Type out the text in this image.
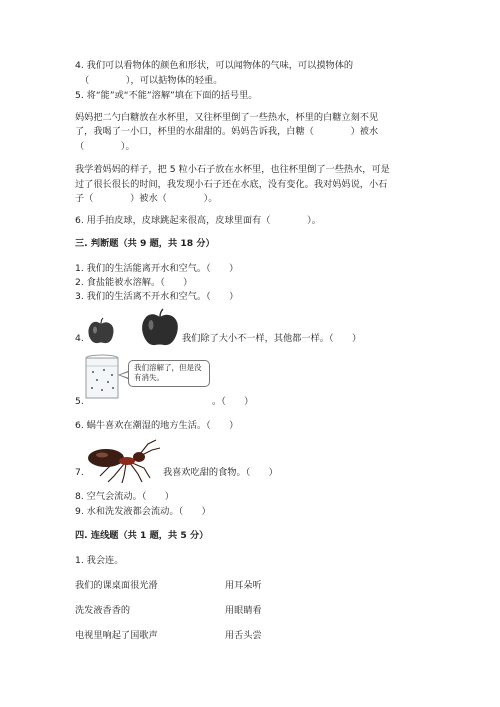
4. 我们可以看物体的颜色和形状，可以闻物体的气味，可以摸物体的
（　　　　），可以掂物体的轻重。
5. 将“能”或“不能”溶解”填在下面的括号里。
妈妈把二勺白糖放在水杯里，又往杯里倒了一些热水，杯里的白糖立刻不见
了，我喝了一小口，杯里的水甜甜的。妈妈告诉我，白糖（　　　　）被水
（　　　　）。
我学着妈妈的样子，把 5 粒小石子放在水杯里，也往杯里倒了一些热水，可是
过了很长很长的时间，我发现小石子还在水底，没有变化。我对妈妈说，小石
子（　　　　）被水（　　　　）。
6. 用手拍皮球，皮球跳起来很高，皮球里面有（　　　　）。
三. 判断题（共 9 题，共 18 分）
1. 我们的生活能离开水和空气。（　　）
2. 食盐能被水溶解。（　　）
3. 我们的生活离不开水和空气。（　　）
4.	我们除了大小不一样，其他都一样。（　　）
我们溶解了，但是没有消失。
5.	。（　　）
6. 蜗牛喜欢在潮湿的地方生活。（　　）
7.	我喜欢吃甜的食物。（　　）
8. 空气会流动。（　　）
9. 水和洗发液都会流动。（　　）
四. 连线题（共 1 题，共 5 分）
1. 我会连。
我们的课桌面很光滑	用耳朵听
洗发液香香的	用眼睛看
电视里响起了国歌声	用舌头尝
